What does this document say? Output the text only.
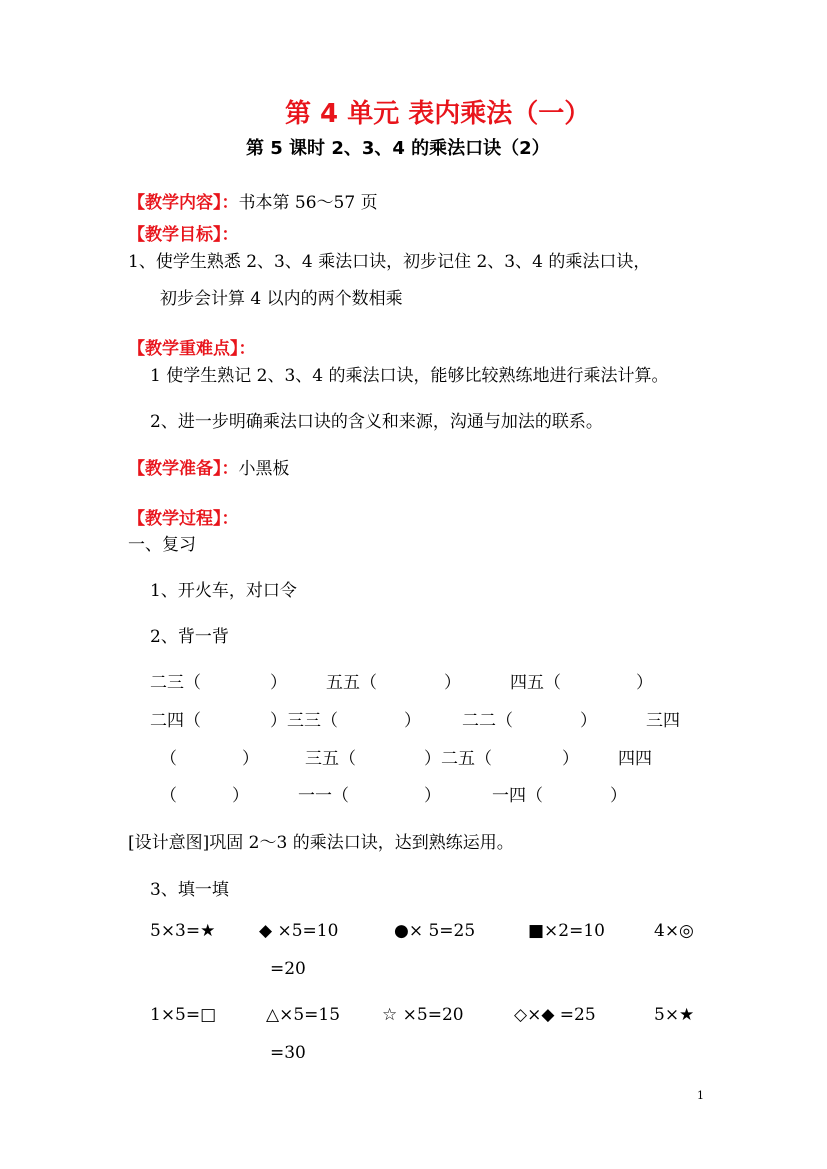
第 4 单元 表内乘法（一）
第 5 课时 2、3、4 的乘法口诀（2）
【教学内容】：书本第 56～57 页
【教学目标】：
1、使学生熟悉 2、3、4 乘法口诀，初步记住 2、3、4 的乘法口诀，
初步会计算 4 以内的两个数相乘
【教学重难点】：
1 使学生熟记 2、3、4 的乘法口诀，能够比较熟练地进行乘法计算。
2、进一步明确乘法口诀的含义和来源，沟通与加法的联系。
【教学准备】：小黑板
【教学过程】：
一、复习
1、开火车，对口令
2、背一背
二三（	） 五五（	）	四五（	）
二四（	）三三（	） 二二（	）	三四
（	）	三五（	）二五（	） 四四
（	）	一一（	）	一四（	）
[设计意图]巩固 2～3 的乘法口诀，达到熟练运用。
3、填一填
5×3=★	◆ ×5=10	●× 5=25	■×2=10	4×◎
=20
1×5=□	△×5=15 ☆ ×5=20	◇×◆ =25	5×★
=30
1
